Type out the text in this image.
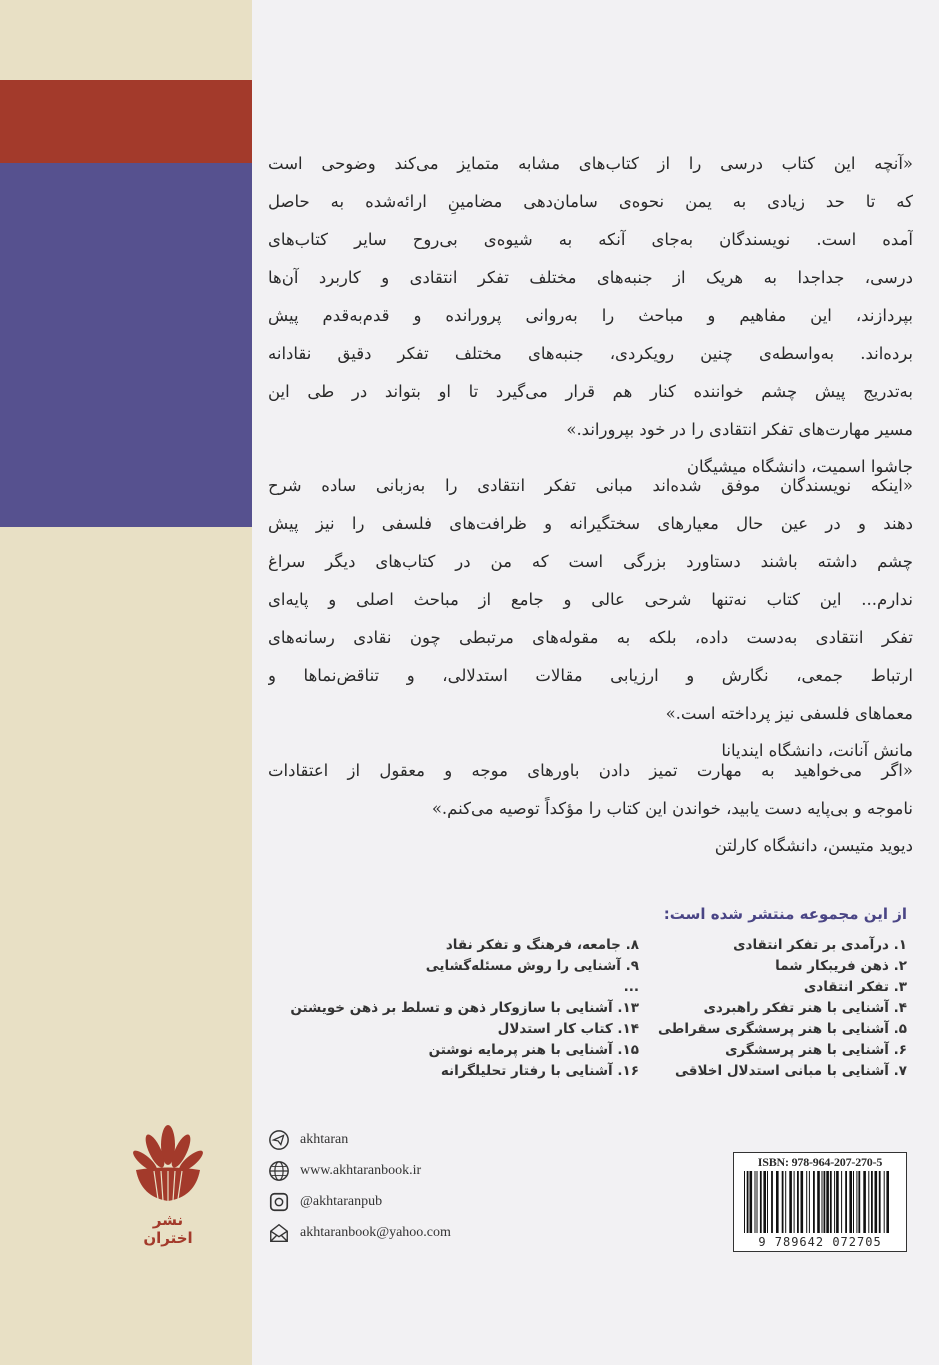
«آنچه این کتاب درسی را از کتاب‌های مشابه متمایز می‌کند وضوحی است
که تا حد زیادی به یمن نحوه‌ی سامان‌دهی مضامینِ ارائه‌شده به حاصل
آمده است. نویسندگان به‌جای آنکه به شیوه‌ی بی‌روح سایر کتاب‌های
درسی، جداجدا به هریک از جنبه‌های مختلف تفکر انتقادی و کاربرد آن‌ها
بپردازند، این مفاهیم و مباحث را به‌روانی پرورانده و قدم‌به‌قدم پیش
برده‌اند. به‌واسطه‌ی چنین رویکردی، جنبه‌های مختلف تفکر دقیق نقادانه
به‌تدریج پیش چشم خواننده کنار هم قرار می‌گیرد تا او بتواند در طی این
مسیر مهارت‌های تفکر انتقادی را در خود بپروراند.»
جاشوا اسمیت، دانشگاه میشیگان
«اینکه نویسندگان موفق شده‌اند مبانی تفکر انتقادی را به‌زبانی ساده شرح
دهند و در عین حال معیارهای سختگیرانه و ظرافت‌های فلسفی را نیز پیش
چشم داشته باشند دستاورد بزرگی است که من در کتاب‌های دیگر سراغ
ندارم... این کتاب نه‌تنها شرحی عالی و جامع از مباحث اصلی و پایه‌ای
تفکر انتقادی به‌دست داده، بلکه به مقوله‌های مرتبطی چون نقادی رسانه‌های
ارتباط جمعی، نگارش و ارزیابی مقالات استدلالی، و تناقض‌نماها و
معماهای فلسفی نیز پرداخته است.»
مانش آنانت، دانشگاه ایندیانا
«اگر می‌خواهید به مهارت تمیز دادن باورهای موجه و معقول از اعتقادات
ناموجه و بی‌پایه دست یابید، خواندن این کتاب را مؤکداً توصیه می‌کنم.»
دیوید متیسن، دانشگاه کارلتن
از این مجموعه منتشر شده است:
۱. درآمدی بر تفکر انتقادی
۲. ذهن فریبکار شما
۳. تفکر انتقادی
۴. آشنایی با هنر تفکر راهبردی
۵. آشنایی با هنر پرسشگری سقراطی
۶. آشنایی با هنر پرسشگری
۷. آشنایی با مبانی استدلال اخلاقی
۸. جامعه، فرهنگ و تفکر نقاد
۹. آشنایی را روش مسئله‌گشایی
...
۱۳. آشنایی با سازوکار ذهن و تسلط بر ذهن خویشتن
۱۴. کتاب کار استدلال
۱۵. آشنایی با هنر پرمایه نوشتن
۱۶. آشنایی با رفتار تحلیلگرانه
نشر اختران
akhtaran
www.akhtaranbook.ir
@akhtaranpub
akhtaranbook@yahoo.com
ISBN: 978-964-207-270-5
9 789642 072705
